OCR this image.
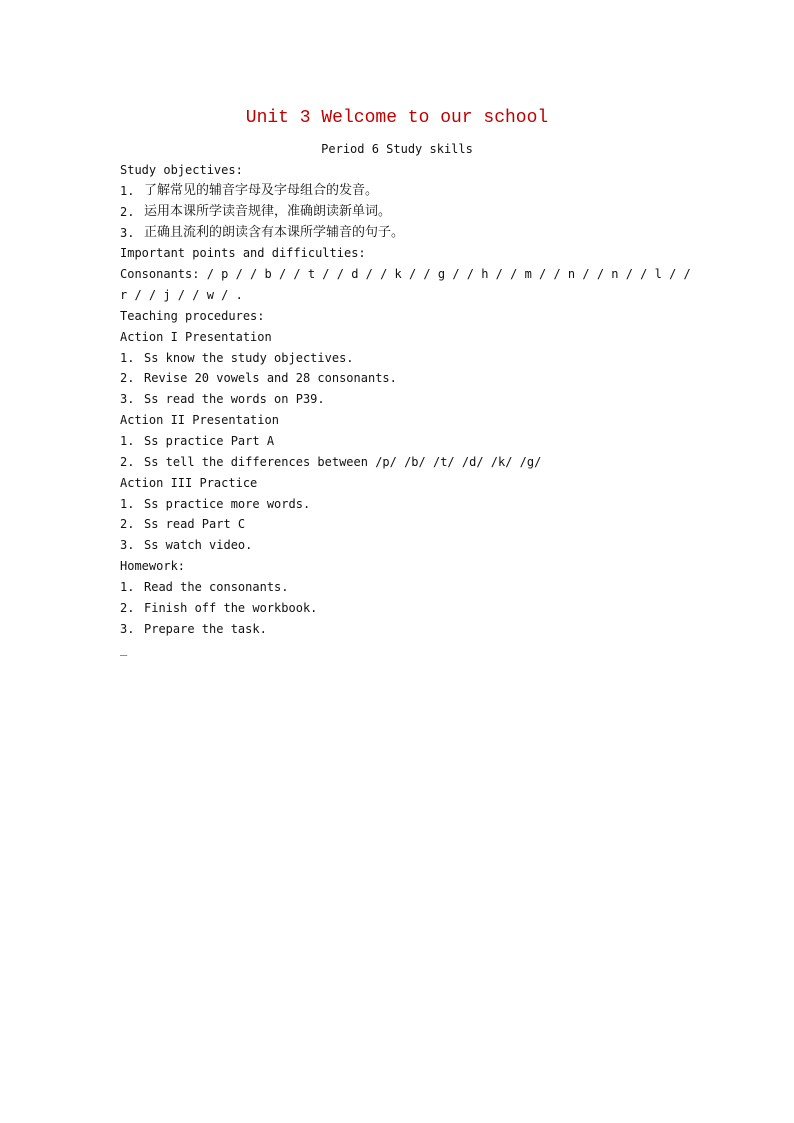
Unit 3 Welcome to our school
Period 6 Study skills
Study objectives:
1. 了解常见的辅音字母及字母组合的发音。
2. 运用本课所学读音规律，准确朗读新单词。
3. 正确且流利的朗读含有本课所学辅音的句子。
Important points and difficulties:
Consonants: / p / / b / / t / / d / / k / / g / / h / / m / / n / / n / / l / /
r / / j / / w / .
Teaching procedures:
Action I Presentation
1. Ss know the study objectives.
2. Revise 20 vowels and 28 consonants.
3. Ss read the words on P39.
Action II Presentation
1. Ss practice Part A
2. Ss tell the differences between /p/ /b/ /t/ /d/ /k/ /g/
Action III Practice
1. Ss practice more words.
2. Ss read Part C
3. Ss watch video.
Homework:
1. Read the consonants.
2. Finish off the workbook.
3. Prepare the task.
_
